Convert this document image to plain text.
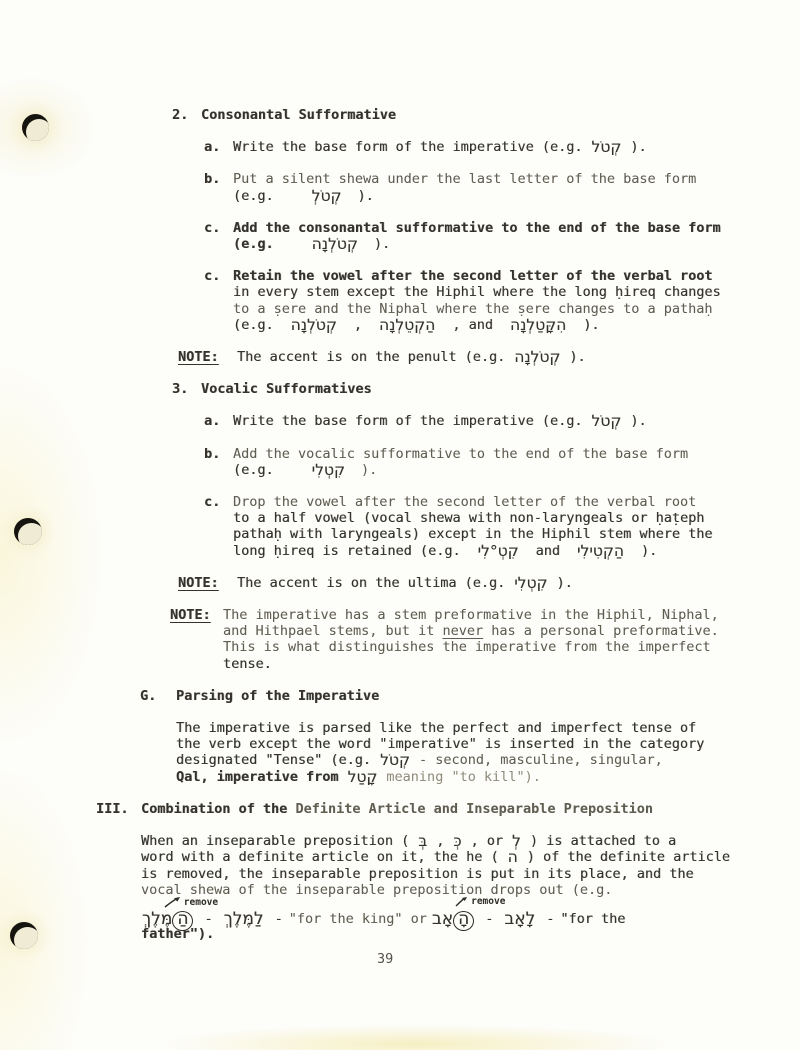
2. Consonantal Sufformative
a. Write the base form of the imperative (e.g. קְטֹל ).
b. Put a silent shewa under the last letter of the base form
(e.g. קְטֹלְ ).
c. Add the consonantal sufformative to the end of the base form
(e.g. קְטֹלְנָה ).
c. Retain the vowel after the second letter of the verbal root
in every stem except the Hiphil where the long ḥireq changes
to a ṣere and the Niphal where the ṣere changes to a pathaḥ
(e.g. קְטֹלְנָה , הַקְטֵלְנָה , and הִקָּטַלְנָה ).
NOTE: The accent is on the penult (e.g. קְטֹלְנָה ).
3. Vocalic Sufformatives
a. Write the base form of the imperative (e.g. קְטֹל ).
b. Add the vocalic sufformative to the end of the base form
(e.g. קִטְלִי ).
c. Drop the vowel after the second letter of the verbal root
to a half vowel (vocal shewa with non-laryngeals or ḥaṭeph
pathaḥ with laryngeals) except in the Hiphil stem where the
long ḥireq is retained (e.g. קִטְ°לִי and הַקְטִילִי ).
NOTE: The accent is on the ultima (e.g. קִטְלִי ).
NOTE: The imperative has a stem preformative in the Hiphil, Niphal,
and Hithpael stems, but it never has a personal preformative.
This is what distinguishes the imperative from the imperfect
tense.
G. Parsing of the Imperative
The imperative is parsed like the perfect and imperfect tense of
the verb except the word "imperative" is inserted in the category
designated "Tense" (e.g. קְטֹל - second, masculine, singular,
Qal, imperative from קָטַל meaning "to kill").
III. Combination of the Definite Article and Inseparable Preposition
When an inseparable preposition ( בְּ , כְּ , or לְ ) is attached to a
word with a definite article on it, the he ( ה ) of the definite article
is removed, the inseparable preposition is put in its place, and the
vocal shewa of the inseparable preposition drops out (e.g.
remove
הַמֶּלֶךְ - לַמֶּלֶךְ - "for the king" or
remove
הָאָב - לָאָב - "for the
father").
39
